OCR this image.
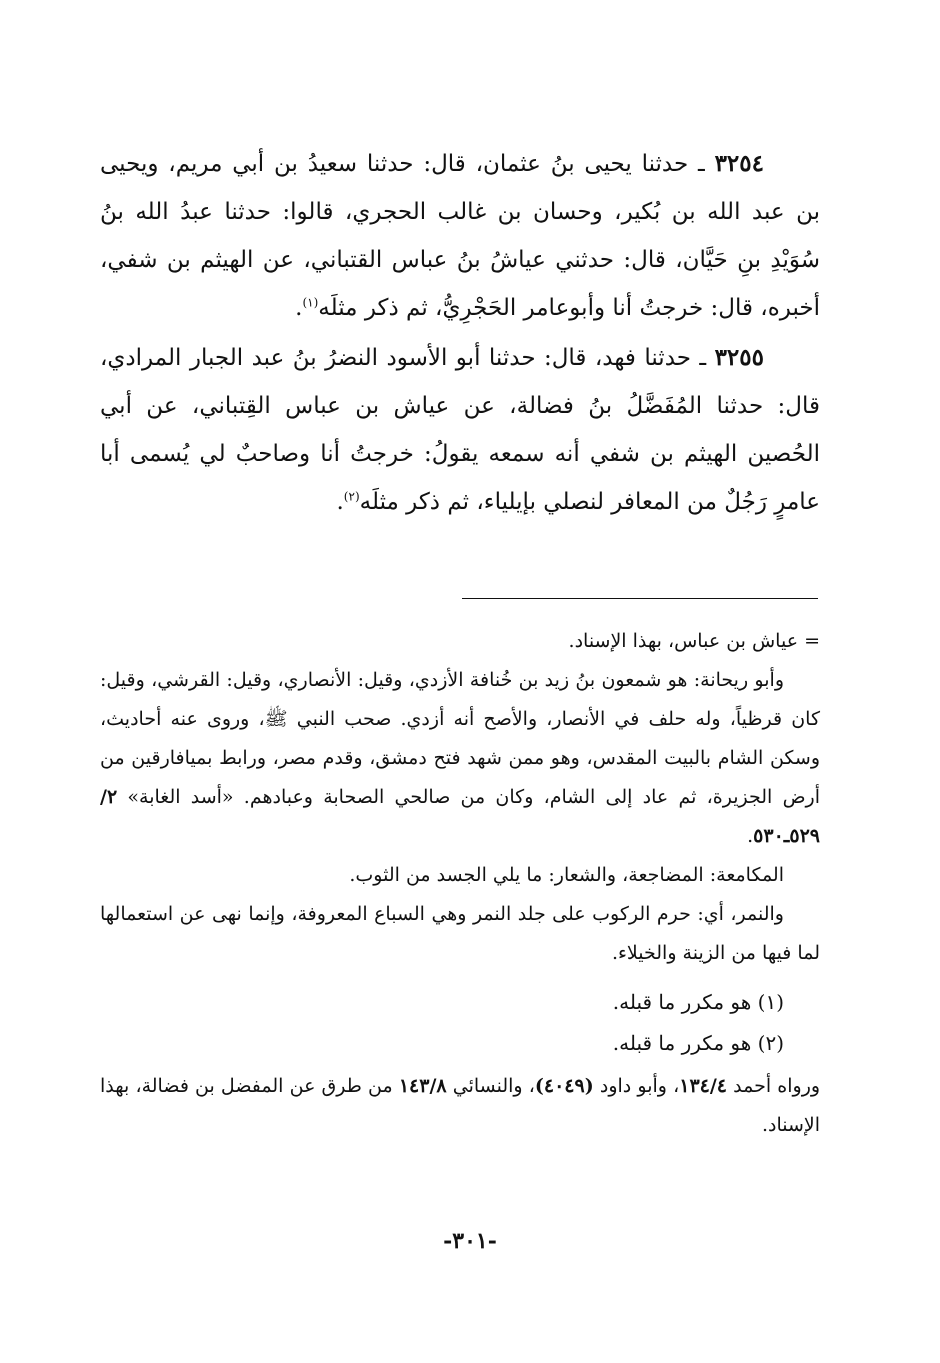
٣٢٥٤ ـ حدثنا يحيى بنُ عثمان، قال: حدثنا سعيدُ بن أبي مريم، ويحيى بن عبد الله بن بُكير، وحسان بن غالب الحجري، قالوا: حدثنا عبدُ الله بنُ سُوَيْدِ بنِ حَيَّان، قال: حدثني عياشُ بنُ عباس القتباني، عن الهيثم بن شفي، أخبره، قال: خرجتُ أنا وأبوعامر الحَجْرِيُّ، ثم ذكر مثلَه$^{(١)}$.

٣٢٥٥ ـ حدثنا فهد، قال: حدثنا أبو الأسود النضرُ بنُ عبد الجبار المرادي، قال: حدثنا المُفَضَّلُ بنُ فضالة، عن عياش بن عباس القِتباني، عن أبي الحُصين الهيثم بن شفي أنه سمعه يقولُ: خرجتُ أنا وصاحبٌ لي يُسمى أبا عامرٍ رَجُلٌ من المعافر لنصلي بإيلياء، ثم ذكر مثلَه$^{(٢)}$.

= عياش بن عباس، بهذا الإسناد.

وأبو ريحانة: هو شمعون بنُ زيد بن خُنافة الأزدي، وقيل: الأنصاري، وقيل: القرشي، وقيل: كان قرظياً، وله حلف في الأنصار، والأصح أنه أزدي. صحب النبي ﷺ، وروى عنه أحاديث، وسكن الشام بالبيت المقدس، وهو ممن شهد فتح دمشق، وقدم مصر، ورابط بميافارقين من أرض الجزيرة، ثم عاد إلى الشام، وكان من صالحي الصحابة وعبادهم. «أسد الغابة» ٢/ ٥٢٩ـ٥٣٠.

المكامعة: المضاجعة، والشعار: ما يلي الجسد من الثوب.

والنمر، أي: حرم الركوب على جلد النمر وهي السباع المعروفة، وإنما نهى عن استعمالها لما فيها من الزينة والخيلاء.

(١) هو مكرر ما قبله.

(٢) هو مكرر ما قبله.

ورواه أحمد ١٣٤/٤، وأبو داود (٤٠٤٩)، والنسائي ١٤٣/٨ من طرق عن المفضل بن فضالة، بهذا الإسناد.

-٣٠١-
